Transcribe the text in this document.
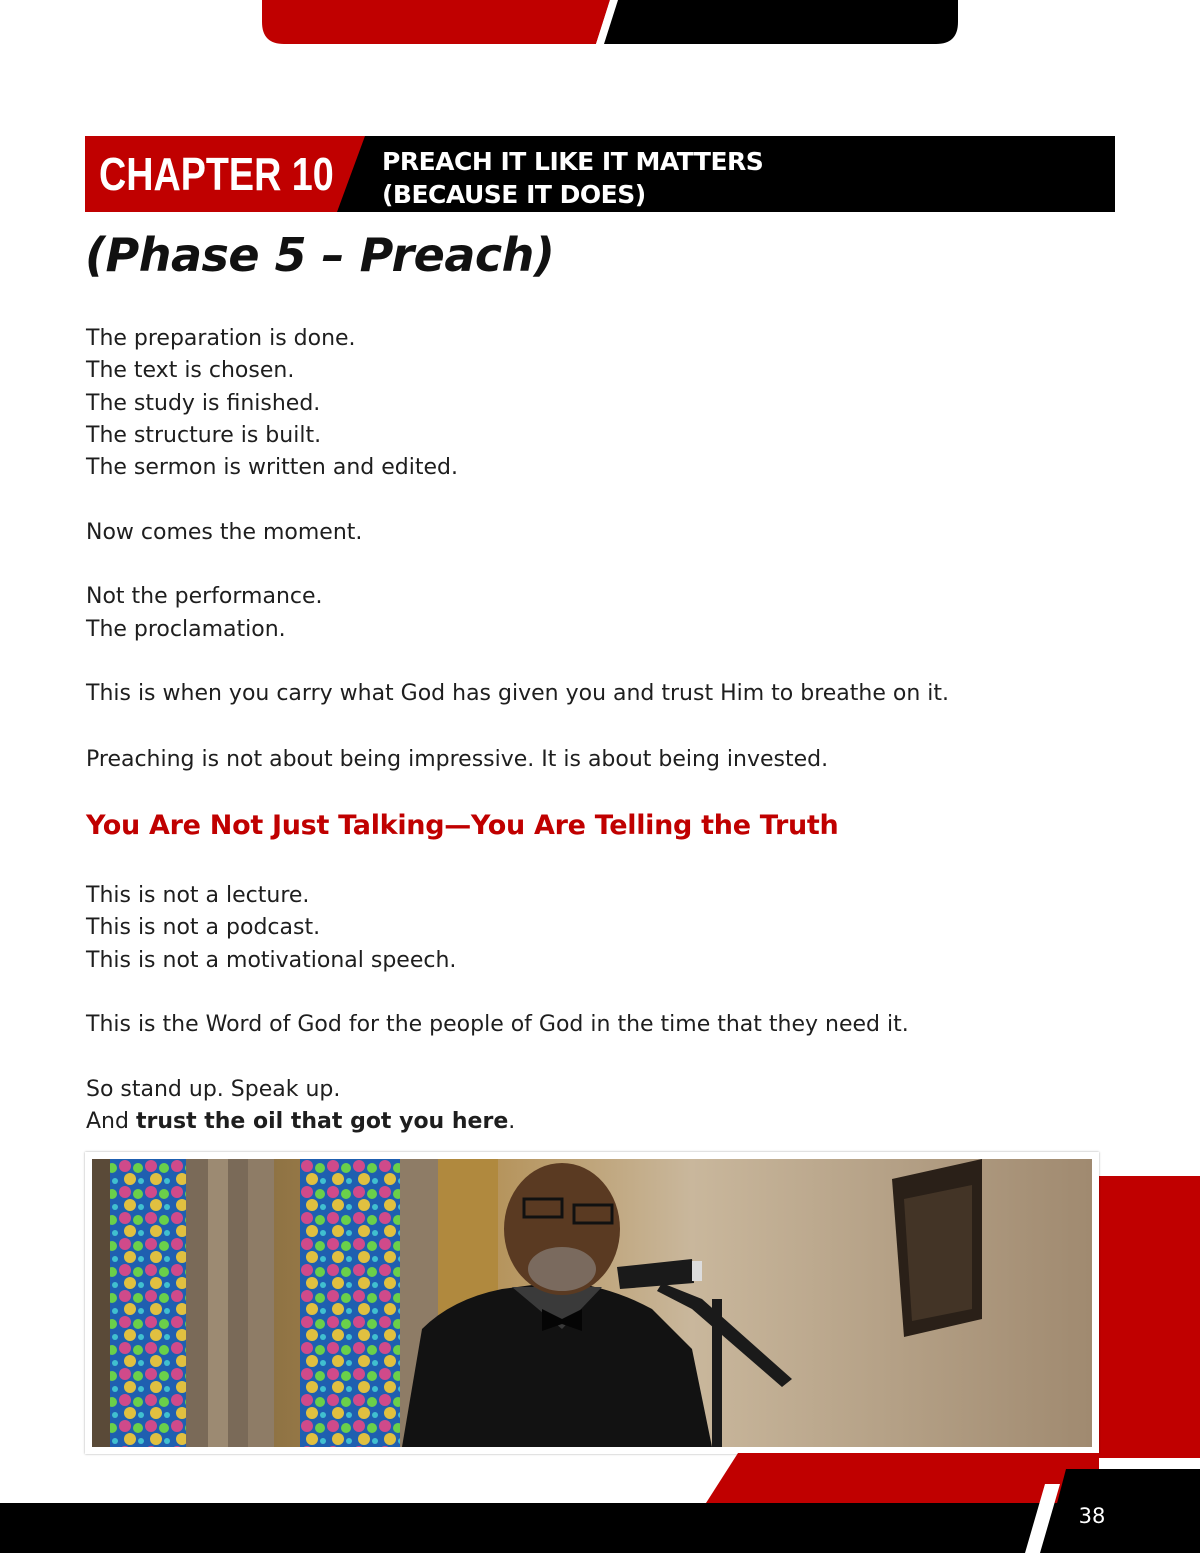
CHAPTER 10 PREACH IT LIKE IT MATTERS
(BECAUSE IT DOES)
(Phase 5 – Preach)

The preparation is done.

The text is chosen.

The study is finished.

The structure is built.

The sermon is written and edited.

Now comes the moment.

Not the performance.

The proclamation.

This is when you carry what God has given you and trust Him to breathe on it.

Preaching is not about being impressive. It is about being invested.

You Are Not Just Talking—You Are Telling the Truth

This is not a lecture.

This is not a podcast.

This is not a motivational speech.

This is the Word of God for the people of God in the time that they need it.

So stand up. Speak up.

And trust the oil that got you here.

38
